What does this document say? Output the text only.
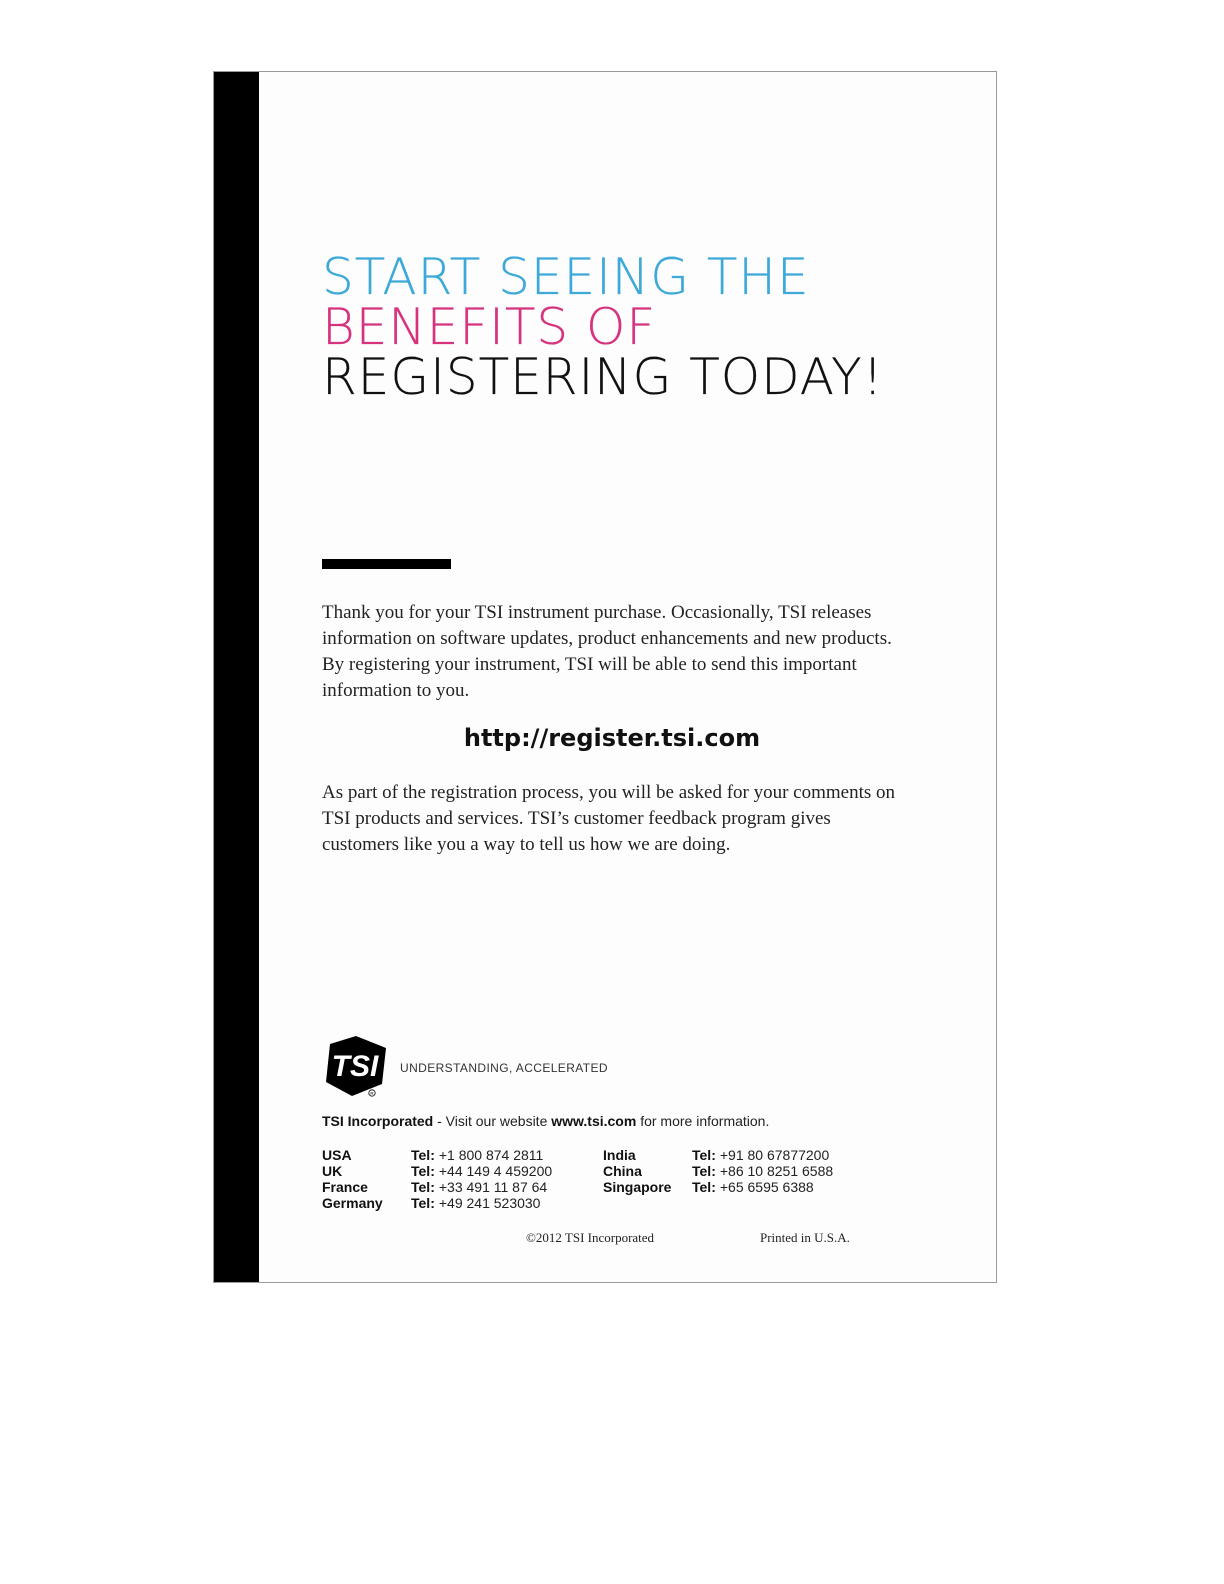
START SEEING THE
BENEFITS OF
REGISTERING TODAY!

Thank you for your TSI instrument purchase. Occasionally, TSI releases information on software updates, product enhancements and new products. By registering your instrument, TSI will be able to send this important information to you.

http://register.tsi.com

As part of the registration process, you will be asked for your comments on TSI products and services. TSI’s customer feedback program gives customers like you a way to tell us how we are doing.

TSI
R
UNDERSTANDING, ACCELERATED
TSI Incorporated - Visit our website www.tsi.com for more information.
USA	Tel: +1 800 874 2811
UK	Tel: +44 149 4 459200
France	Tel: +33 491 11 87 64
Germany	Tel: +49 241 523030
India	Tel: +91 80 67877200
China	Tel: +86 10 8251 6588
Singapore	Tel: +65 6595 6388
©2012 TSI Incorporated	Printed in U.S.A.
